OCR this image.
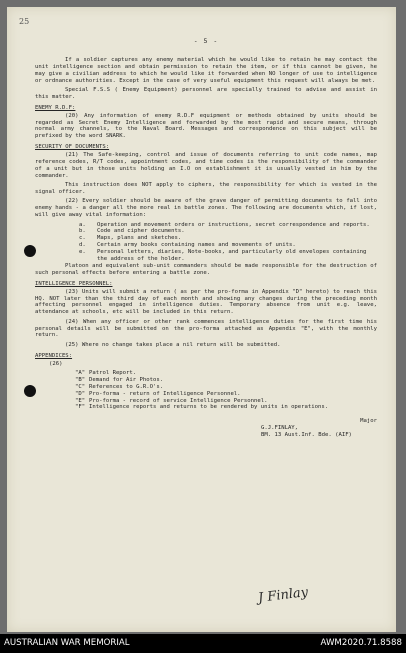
25
- 5 -

If a soldier captures any enemy material which he would like to retain he may contact the unit intelligence section and obtain permission to retain the item, or if this cannot be given, he may give a civilian address to which he would like it forwarded when NO longer of use to intelligence or ordnance authorities. Except in the case of very useful equipment this request will always be met.

Special F.S.S ( Enemy Equipment) personnel are specially trained to advise and assist in this matter.

ENEMY R.D.F:

(20) Any information of enemy R.D.F equipment or methods obtained by units should be regarded as Secret Enemy Intelligence and forwarded by the most rapid and secure means, through normal army channels, to the Naval Board. Messages and correspondence on this subject will be prefixed by the word SNARK.

SECURITY OF DOCUMENTS:

(21) The Safe-keeping, control and issue of documents referring to unit code names, map reference codes, R/T codes, appointment codes, and time codes is the responsibility of the commander of a unit but in those units holding an I.O on establishment it is usually vested in him by the commander.

This instruction does NOT apply to ciphers, the responsibility for which is vested in the signal officer.

(22) Every soldier should be aware of the grave danger of permitting documents to fall into enemy hands - a danger all the more real in battle zones. The following are documents which, if lost, will give away vital information:

a.	Operation and movement orders or instructions, secret correspondence and reports.
b.	Code and cipher documents.
c.	Maps, plans and sketches.
d.	Certain army books containing names and movements of units.
e.	Personal letters, diaries, Note-books, and particularly old envelopes containing the address of the holder.

Platoon and equivalent sub-unit commanders should be made responsible for the destruction of such personal effects before entering a battle zone.

INTELLIGENCE PERSONNEL:

(23) Units will submit a return ( as per the pro-forma in Appendix "D" hereto) to reach this HQ. NOT later than the third day of each month and showing any changes during the preceding month affecting personnel engaged in intelligence duties. Temporary absence from unit e.g. leave, attendance at schools, etc will be included in this return.

(24) When any officer or other rank commences intelligence duties for the first time his personal details will be submitted on the pro-forma attached as Appendix "E", with the monthly return.

(25) Where no change takes place a nil return will be submitted.

APPENDICES:

(26)

"A" Patrol Report.
"B" Demand for Air Photos.
"C" References to G.R.O's.
"D" Pro-forma - return of Intelligence Personnel.
"E" Pro-forma - record of service Intelligence Personnel.
"F" Intelligence reports and returns to be rendered by units in operations.
Major
G.J.FINLAY,
BM. 13 Aust.Inf. Bde. (AIF)
J Finlay
AUSTRALIAN WAR MEMORIAL	AWM2020.71.8588
